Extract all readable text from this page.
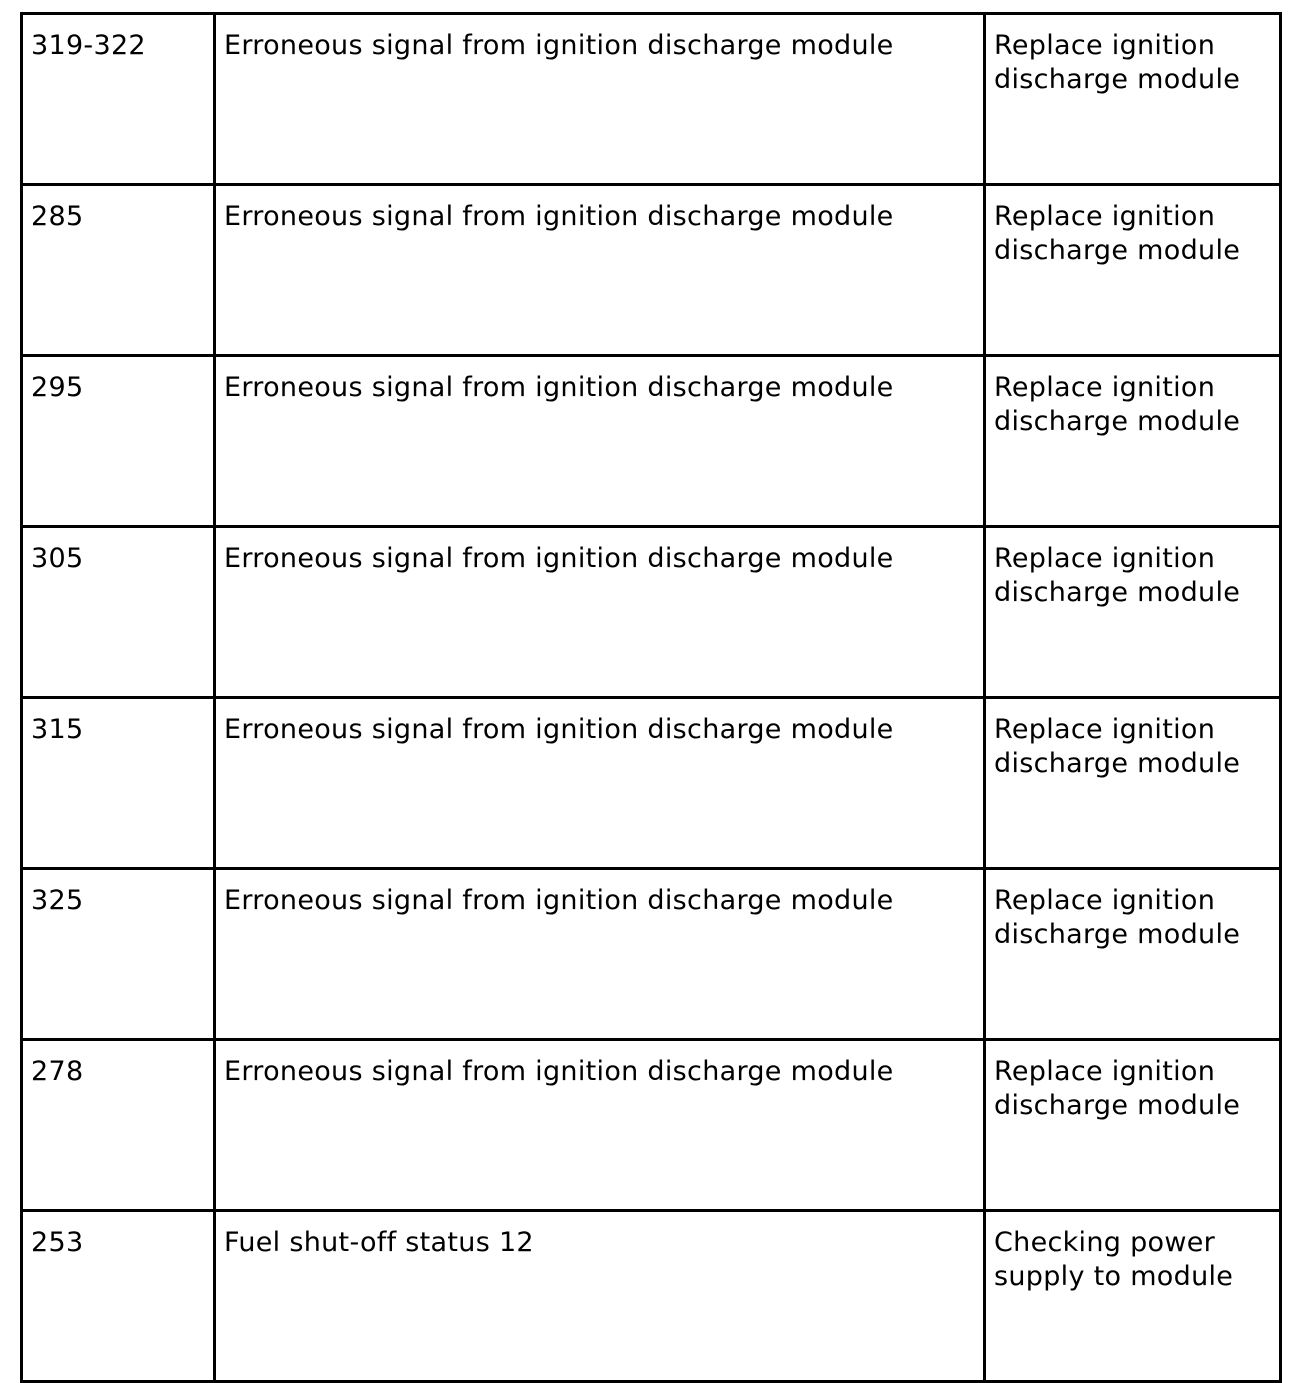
319-322	Erroneous signal from ignition discharge module	Replace ignition discharge module
285	Erroneous signal from ignition discharge module	Replace ignition discharge module
295	Erroneous signal from ignition discharge module	Replace ignition discharge module
305	Erroneous signal from ignition discharge module	Replace ignition discharge module
315	Erroneous signal from ignition discharge module	Replace ignition discharge module
325	Erroneous signal from ignition discharge module	Replace ignition discharge module
278	Erroneous signal from ignition discharge module	Replace ignition discharge module
253	Fuel shut-off status 12	Checking power supply to module
